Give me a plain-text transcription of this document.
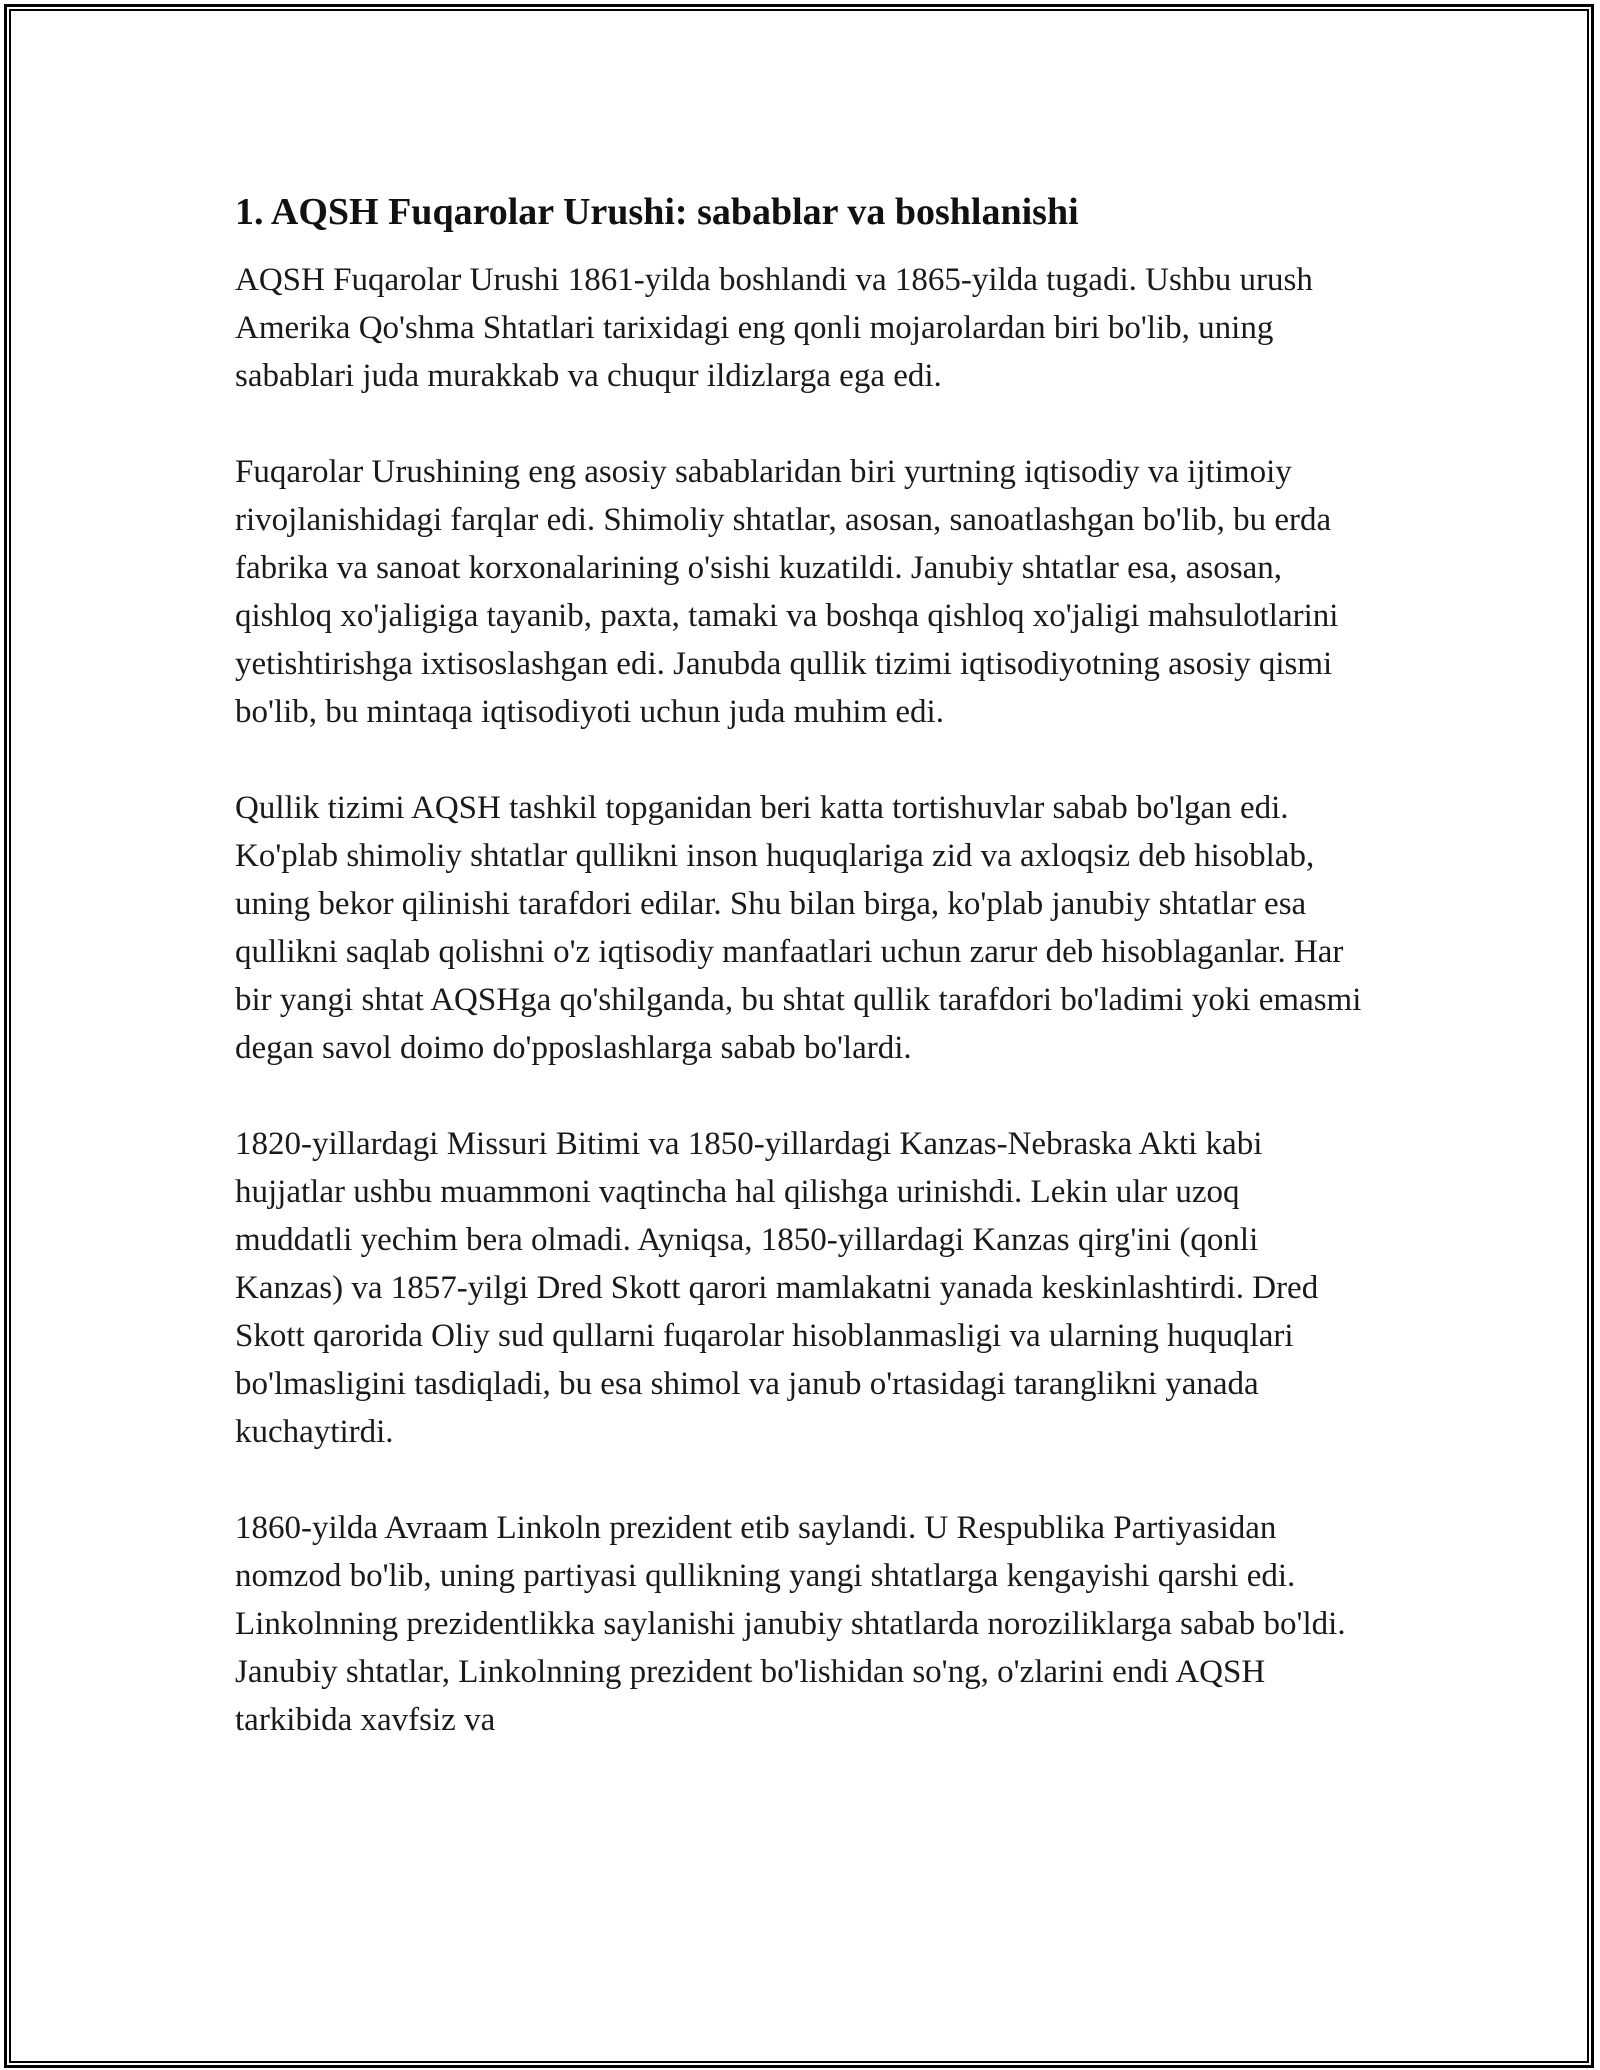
1. AQSH Fuqarolar Urushi: sabablar va boshlanishi

AQSH Fuqarolar Urushi 1861-yilda boshlandi va 1865-yilda tugadi. Ushbu urush Amerika Qo'shma Shtatlari tarixidagi eng qonli mojarolardan biri bo'lib, uning sabablari juda murakkab va chuqur ildizlarga ega edi.

Fuqarolar Urushining eng asosiy sabablaridan biri yurtning iqtisodiy va ijtimoiy rivojlanishidagi farqlar edi. Shimoliy shtatlar, asosan, sanoatlashgan bo'lib, bu erda fabrika va sanoat korxonalarining o'sishi kuzatildi. Janubiy shtatlar esa, asosan, qishloq xo'jaligiga tayanib, paxta, tamaki va boshqa qishloq xo'jaligi mahsulotlarini yetishtirishga ixtisoslashgan edi. Janubda qullik tizimi iqtisodiyotning asosiy qismi bo'lib, bu mintaqa iqtisodiyoti uchun juda muhim edi.

Qullik tizimi AQSH tashkil topganidan beri katta tortishuvlar sabab bo'lgan edi. Ko'plab shimoliy shtatlar qullikni inson huquqlariga zid va axloqsiz deb hisoblab, uning bekor qilinishi tarafdori edilar. Shu bilan birga, ko'plab janubiy shtatlar esa qullikni saqlab qolishni o'z iqtisodiy manfaatlari uchun zarur deb hisoblaganlar. Har bir yangi shtat AQSHga qo'shilganda, bu shtat qullik tarafdori bo'ladimi yoki emasmi degan savol doimo do'pposlashlarga sabab bo'lardi.

1820-yillardagi Missuri Bitimi va 1850-yillardagi Kanzas-Nebraska Akti kabi hujjatlar ushbu muammoni vaqtincha hal qilishga urinishdi. Lekin ular uzoq muddatli yechim bera olmadi. Ayniqsa, 1850-yillardagi Kanzas qirg'ini (qonli Kanzas) va 1857-yilgi Dred Skott qarori mamlakatni yanada keskinlashtirdi. Dred Skott qarorida Oliy sud qullarni fuqarolar hisoblanmasligi va ularning huquqlari bo'lmasligini tasdiqladi, bu esa shimol va janub o'rtasidagi taranglikni yanada kuchaytirdi.

1860-yilda Avraam Linkoln prezident etib saylandi. U Respublika Partiyasidan nomzod bo'lib, uning partiyasi qullikning yangi shtatlarga kengayishi qarshi edi. Linkolnning prezidentlikka saylanishi janubiy shtatlarda noroziliklarga sabab bo'ldi. Janubiy shtatlar, Linkolnning prezident bo'lishidan so'ng, o'zlarini endi AQSH tarkibida xavfsiz va
